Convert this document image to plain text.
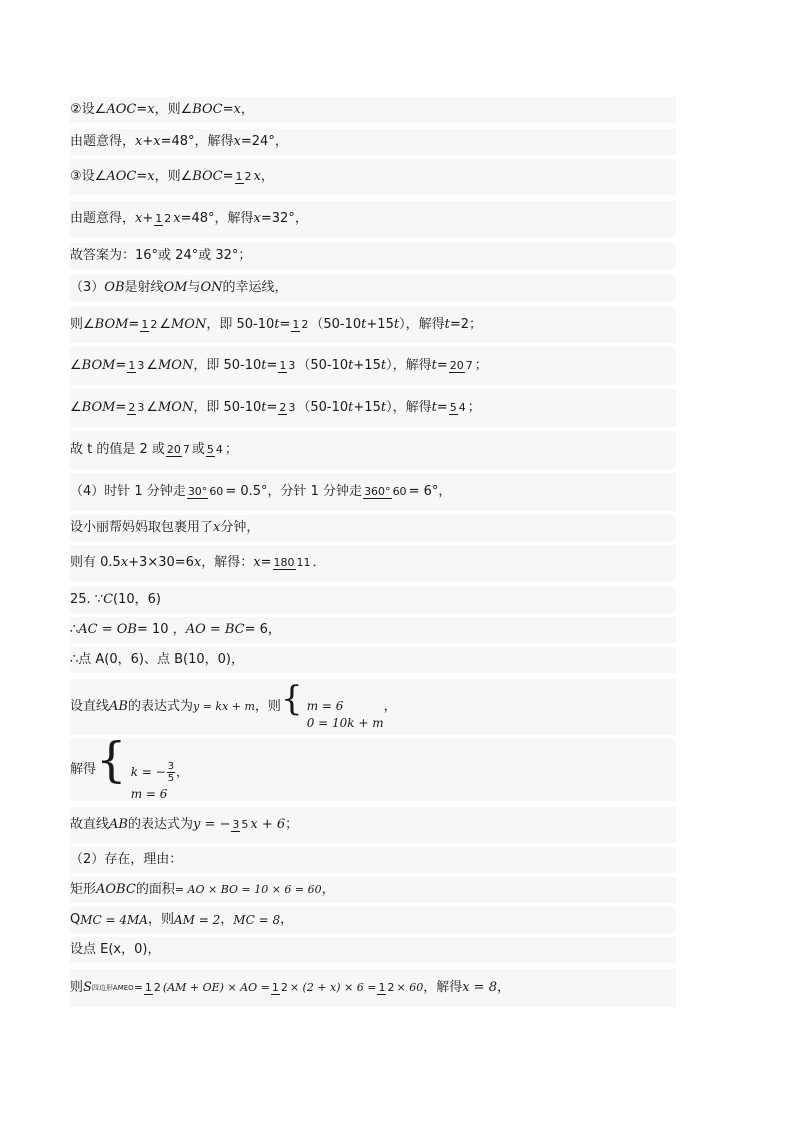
②设∠ AOC = x ，则∠ BOC = x ，
由题意得， x + x =48°，解得 x =24°，
③设∠ AOC = x ，则∠ BOC = 1 2 x ，
由题意得， x + 1 2 x =48°，解得 x =32°，
故答案为：16°或 24°或 32°；
（3） OB 是射线 OM 与 ON 的幸运线，
则∠ BOM = 1 2 ∠ MON ，即 50-10 t = 1 2 （50-10 t +15 t ），解得 t =2；
∠ BOM = 1 3 ∠ MON ，即 50-10 t = 1 3 （50-10 t +15 t ），解得 t = 20 7 ；
∠ BOM = 2 3 ∠ MON ，即 50-10 t = 2 3 （50-10 t +15 t ），解得 t = 5 4 ；
故 t 的值是 2 或 20 7 或 5 4 ；
（4）时针 1 分钟走 30° 60 = 0.5°，分针 1 分钟走 360° 60 = 6°，
设小丽帮妈妈取包裹用了 x 分钟，
则有 0.5 x +3×30=6 x ，解得： x = 180 11 ．
25. ∵ C (10，6)
∴ AC = OB = 10 ， AO = BC = 6，
∴点 A(0，6)、点 B(10，0)，
设直线 AB 的表达式为 y = kx + m ，则 { m = 6
0 = 10k + m
，
解得 { k = − $\frac{3}{5}$ ，
m = 6
故直线 AB 的表达式为 y = − 3 5 x + 6 ；
（2）存在，理由：
矩形 AOBC 的面积 = AO × BO = 10 × 6 = 60 ，
Q MC = 4MA ，则 AM = 2 ， MC = 8 ，
设点 E(x，0)，
则 S 四边形AMEO = 1 2 (AM + OE) × AO = 1 2 × (2 + x) × 6 = 1 2 × 60 ，解得 x = 8 ，
